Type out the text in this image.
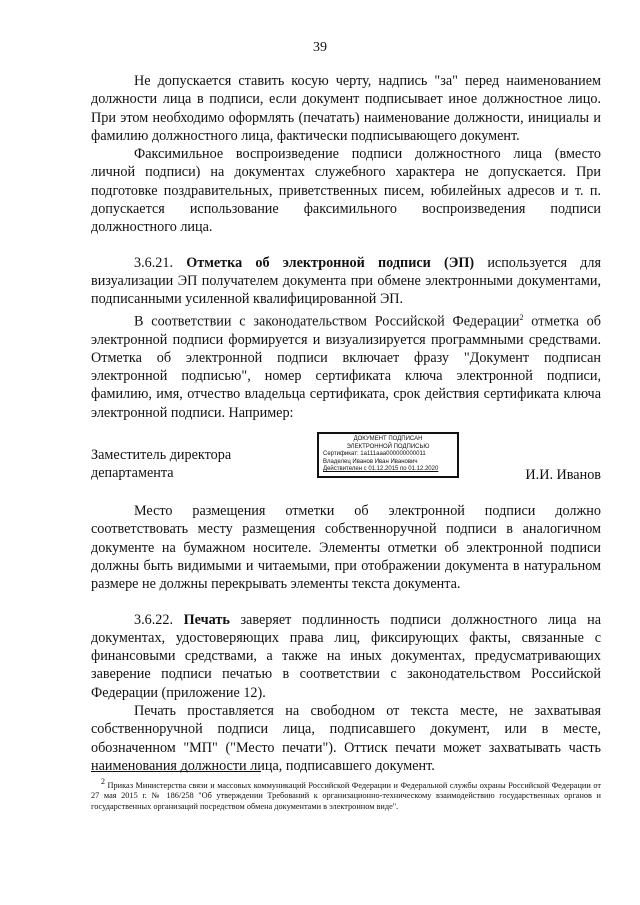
39

Не допускается ставить косую черту, надпись "за" перед наименованием должности лица в подписи, если документ подписывает иное должностное лицо. При этом необходимо оформлять (печатать) наименование должности, инициалы и фамилию должностного лица, фактически подписывающего документ.

Факсимильное воспроизведение подписи должностного лица (вместо личной подписи) на документах служебного характера не допускается. При подготовке поздравительных, приветственных писем, юбилейных адресов и т. п. допускается использование факсимильного воспроизведения подписи должностного лица.

3.6.21. Отметка об электронной подписи (ЭП) используется для визуализации ЭП получателем документа при обмене электронными документами, подписанными усиленной квалифицированной ЭП.

В соответствии с законодательством Российской Федерации$^2$ отметка об электронной подписи формируется и визуализируется программными средствами. Отметка об электронной подписи включает фразу "Документ подписан электронной подписью", номер сертификата ключа электронной подписи, фамилию, имя, отчество владельца сертификата, срок действия сертификата ключа электронной подписи. Например:

Заместитель директора
департамента
ДОКУМЕНТ ПОДПИСАН
ЭЛЕКТРОННОЙ ПОДПИСЬЮ
Сертификат: 1a111aaa000000000011
Владелец Иванов Иван Иванович
Действителен с 01.12.2015 по 01.12.2020	И.И. Иванов

Место размещения отметки об электронной подписи должно соответствовать месту размещения собственноручной подписи в аналогичном документе на бумажном носителе. Элементы отметки об электронной подписи должны быть видимыми и читаемыми, при отображении документа в натуральном размере не должны перекрывать элементы текста документа.

3.6.22. Печать заверяет подлинность подписи должностного лица на документах, удостоверяющих права лиц, фиксирующих факты, связанные с финансовыми средствами, а также на иных документах, предусматривающих заверение подписи печатью в соответствии с законодательством Российской Федерации (приложение 12).

Печать проставляется на свободном от текста месте, не захватывая собственноручной подписи лица, подписавшего документ, или в месте, обозначенном "МП" ("Место печати"). Оттиск печати может захватывать часть наименования должности лица, подписавшего документ.

$^2$ Приказ Министерства связи и массовых коммуникаций Российской Федерации и Федеральной службы охраны Российской Федерации от 27 мая 2015 г. № 186/258 "Об утверждении Требований к организационно-техническому взаимодействию государственных органов и государственных организаций посредством обмена документами в электронном виде".
